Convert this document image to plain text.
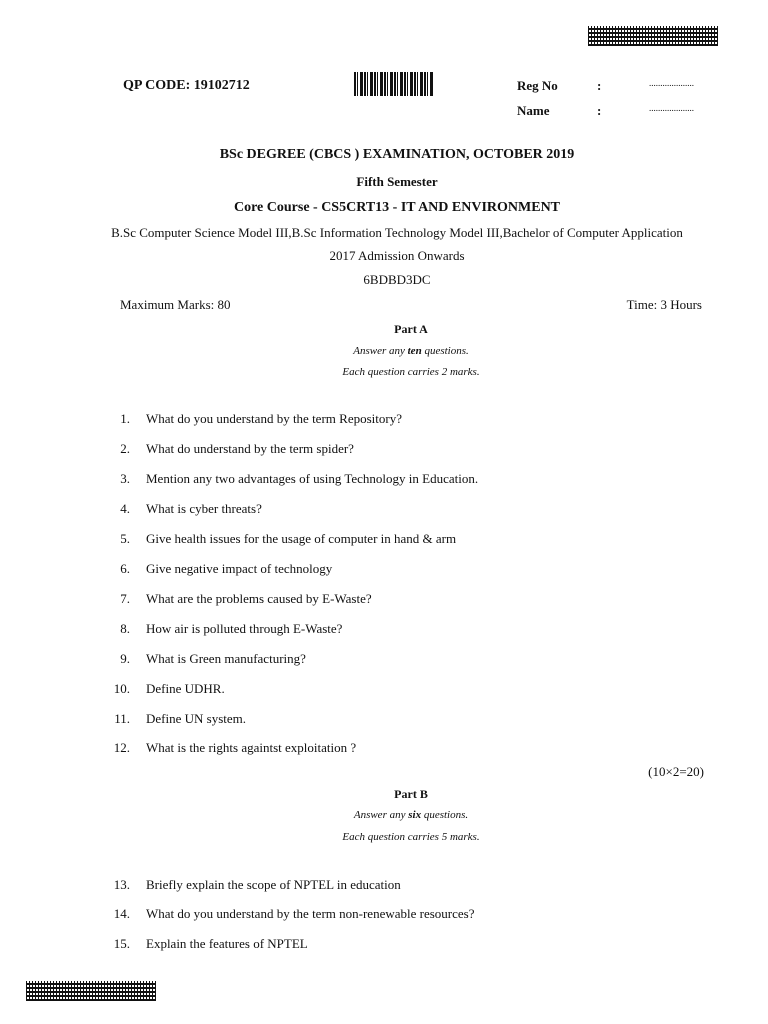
QP CODE: 19102712	Reg No	:	....................
Name	:	....................
BSc DEGREE (CBCS ) EXAMINATION, OCTOBER 2019
Fifth Semester
Core Course - CS5CRT13 - IT AND ENVIRONMENT
B.Sc Computer Science Model III,B.Sc Information Technology Model III,Bachelor of Computer Application
2017 Admission Onwards
6BDBD3DC
Maximum Marks: 80	Time: 3 Hours
Part A
Answer any ten questions.
Each question carries 2 marks.
1. What do you understand by the term Repository?
2. What do understand by the term spider?
3. Mention any two advantages of using Technology in Education.
4. What is cyber threats?
5. Give health issues for the usage of computer in hand & arm
6. Give negative impact of technology
7. What are the problems caused by E-Waste?
8. How air is polluted through E-Waste?
9. What is Green manufacturing?
10. Define UDHR.
11. Define UN system.
12. What is the rights againtst exploitation ?
(10×2=20)
Part B
Answer any six questions.
Each question carries 5 marks.
13. Briefly explain the scope of NPTEL in education
14. What do you understand by the term non-renewable resources?
15. Explain the features of NPTEL
